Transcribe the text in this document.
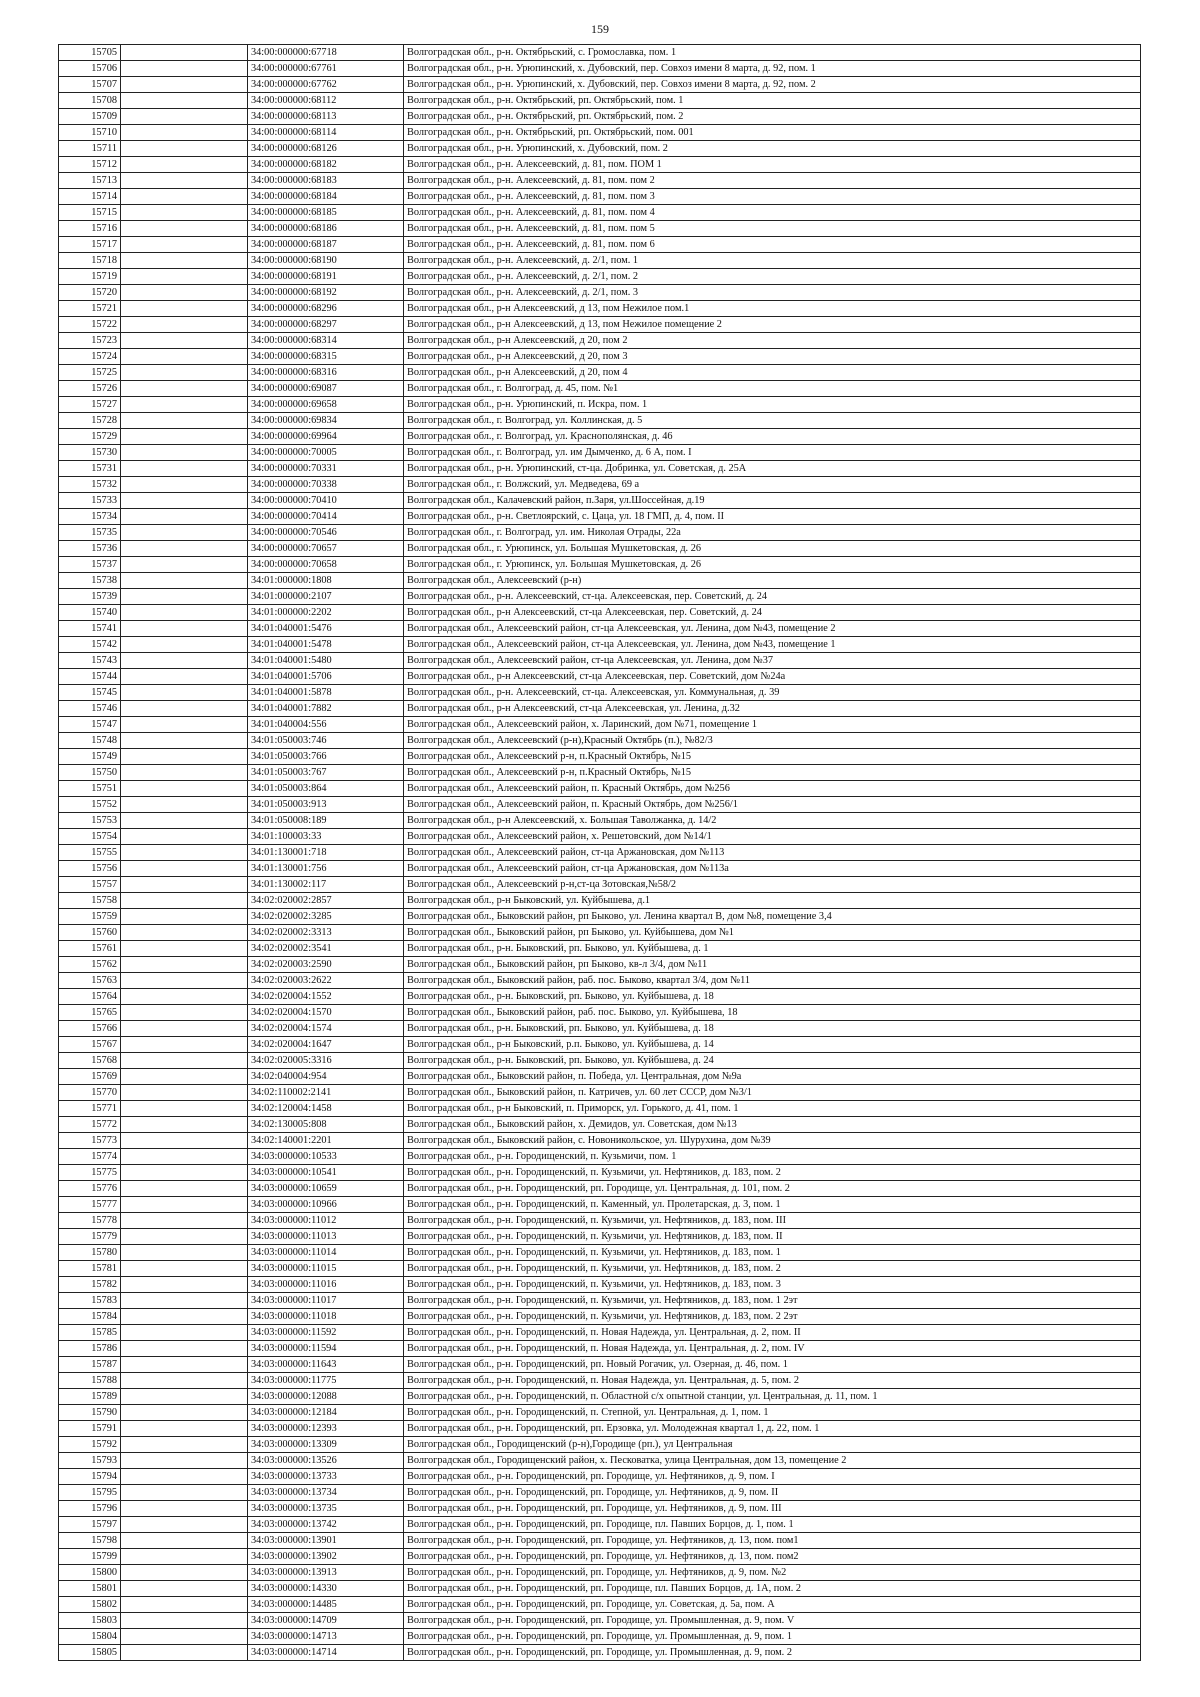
159
15705		34:00:000000:67718	Волгоградская обл., р-н. Октябрьский, с. Громославка, пом. 1
15706		34:00:000000:67761	Волгоградская обл., р-н. Урюпинский, х. Дубовский, пер. Совхоз имени 8 марта, д. 92, пом. 1
15707		34:00:000000:67762	Волгоградская обл., р-н. Урюпинский, х. Дубовский, пер. Совхоз имени 8 марта, д. 92, пом. 2
15708		34:00:000000:68112	Волгоградская обл., р-н. Октябрьский, рп. Октябрьский, пом. 1
15709		34:00:000000:68113	Волгоградская обл., р-н. Октябрьский, рп. Октябрьский, пом. 2
15710		34:00:000000:68114	Волгоградская обл., р-н. Октябрьский, рп. Октябрьский, пом. 001
15711		34:00:000000:68126	Волгоградская обл., р-н. Урюпинский, х. Дубовский, пом. 2
15712		34:00:000000:68182	Волгоградская обл., р-н. Алексеевский, д. 81, пом. ПОМ 1
15713		34:00:000000:68183	Волгоградская обл., р-н. Алексеевский, д. 81, пом. пом 2
15714		34:00:000000:68184	Волгоградская обл., р-н. Алексеевский, д. 81, пом. пом 3
15715		34:00:000000:68185	Волгоградская обл., р-н. Алексеевский, д. 81, пом. пом 4
15716		34:00:000000:68186	Волгоградская обл., р-н. Алексеевский, д. 81, пом. пом 5
15717		34:00:000000:68187	Волгоградская обл., р-н. Алексеевский, д. 81, пом. пом 6
15718		34:00:000000:68190	Волгоградская обл., р-н. Алексеевский, д. 2/1, пом. 1
15719		34:00:000000:68191	Волгоградская обл., р-н. Алексеевский, д. 2/1, пом. 2
15720		34:00:000000:68192	Волгоградская обл., р-н. Алексеевский, д. 2/1, пом. 3
15721		34:00:000000:68296	Волгоградская обл., р-н Алексеевский, д 13, пом Нежилое пом.1
15722		34:00:000000:68297	Волгоградская обл., р-н Алексеевский, д 13, пом Нежилое помещение 2
15723		34:00:000000:68314	Волгоградская обл., р-н Алексеевский, д 20, пом 2
15724		34:00:000000:68315	Волгоградская обл., р-н Алексеевский, д 20, пом 3
15725		34:00:000000:68316	Волгоградская обл., р-н Алексеевский, д 20, пом 4
15726		34:00:000000:69087	Волгоградская обл., г. Волгоград, д. 45, пом. №1
15727		34:00:000000:69658	Волгоградская обл., р-н. Урюпинский, п. Искра, пом. 1
15728		34:00:000000:69834	Волгоградская обл., г. Волгоград, ул. Коллинская, д. 5
15729		34:00:000000:69964	Волгоградская обл., г. Волгоград, ул. Краснополянская, д. 46
15730		34:00:000000:70005	Волгоградская обл., г. Волгоград, ул. им Дымченко, д. 6 А, пом. I
15731		34:00:000000:70331	Волгоградская обл., р-н. Урюпинский, ст-ца. Добринка, ул. Советская, д. 25А
15732		34:00:000000:70338	Волгоградская обл., г. Волжский, ул. Медведева, 69 а
15733		34:00:000000:70410	Волгоградская обл., Калачевский район, п.Заря, ул.Шоссейная, д.19
15734		34:00:000000:70414	Волгоградская обл., р-н. Светлоярский, с. Цаца, ул. 18 ГМП, д. 4, пом. II
15735		34:00:000000:70546	Волгоградская обл., г. Волгоград, ул. им. Николая Отрады, 22а
15736		34:00:000000:70657	Волгоградская обл., г. Урюпинск, ул. Большая Мушкетовская, д. 26
15737		34:00:000000:70658	Волгоградская обл., г. Урюпинск, ул. Большая Мушкетовская, д. 26
15738		34:01:000000:1808	Волгоградская обл., Алексеевский (р-н)
15739		34:01:000000:2107	Волгоградская обл., р-н. Алексеевский, ст-ца. Алексеевская, пер. Советский, д. 24
15740		34:01:000000:2202	Волгоградская обл., р-н Алексеевский, ст-ца Алексеевская, пер. Советский, д. 24
15741		34:01:040001:5476	Волгоградская обл., Алексеевский район, ст-ца Алексеевская, ул. Ленина, дом №43, помещение 2
15742		34:01:040001:5478	Волгоградская обл., Алексеевский район, ст-ца Алексеевская, ул. Ленина, дом №43, помещение 1
15743		34:01:040001:5480	Волгоградская обл., Алексеевский район, ст-ца Алексеевская, ул. Ленина, дом №37
15744		34:01:040001:5706	Волгоградская обл., р-н Алексеевский, ст-ца Алексеевская, пер. Советский, дом №24а
15745		34:01:040001:5878	Волгоградская обл., р-н. Алексеевский, ст-ца. Алексеевская, ул. Коммунальная, д. 39
15746		34:01:040001:7882	Волгоградская обл., р-н Алексеевский, ст-ца Алексеевская, ул. Ленина, д.32
15747		34:01:040004:556	Волгоградская обл., Алексеевский район, х. Ларинский, дом №71, помещение 1
15748		34:01:050003:746	Волгоградская обл., Алексеевский (р-н),Красный Октябрь (п.), №82/3
15749		34:01:050003:766	Волгоградская обл., Алексеевский р-н, п.Красный Октябрь, №15
15750		34:01:050003:767	Волгоградская обл., Алексеевский р-н, п.Красный Октябрь, №15
15751		34:01:050003:864	Волгоградская обл., Алексеевский район, п. Красный Октябрь, дом №256
15752		34:01:050003:913	Волгоградская обл., Алексеевский район, п. Красный Октябрь, дом №256/1
15753		34:01:050008:189	Волгоградская обл., р-н Алексеевский, х. Большая Таволжанка, д. 14/2
15754		34:01:100003:33	Волгоградская обл., Алексеевский район, х. Решетовский, дом №14/1
15755		34:01:130001:718	Волгоградская обл., Алексеевский район, ст-ца Аржановская, дом №113
15756		34:01:130001:756	Волгоградская обл., Алексеевский район, ст-ца Аржановская, дом №113а
15757		34:01:130002:117	Волгоградская обл., Алексеевский р-н,ст-ца Зотовская,№58/2
15758		34:02:020002:2857	Волгоградская обл., р-н Быковский, ул. Куйбышева, д.1
15759		34:02:020002:3285	Волгоградская обл., Быковский район, рп Быково, ул. Ленина квартал В, дом №8, помещение 3,4
15760		34:02:020002:3313	Волгоградская обл., Быковский район, рп Быково, ул. Куйбышева, дом №1
15761		34:02:020002:3541	Волгоградская обл., р-н. Быковский, рп. Быково, ул. Куйбышева, д. 1
15762		34:02:020003:2590	Волгоградская обл., Быковский район, рп Быково, кв-л 3/4, дом №11
15763		34:02:020003:2622	Волгоградская обл., Быковский район, раб. пос. Быково, квартал 3/4, дом №11
15764		34:02:020004:1552	Волгоградская обл., р-н. Быковский, рп. Быково, ул. Куйбышева, д. 18
15765		34:02:020004:1570	Волгоградская обл., Быковский район, раб. пос. Быково, ул. Куйбышева, 18
15766		34:02:020004:1574	Волгоградская обл., р-н. Быковский, рп. Быково, ул. Куйбышева, д. 18
15767		34:02:020004:1647	Волгоградская обл., р-н Быковский, р.п. Быково, ул. Куйбышева, д. 14
15768		34:02:020005:3316	Волгоградская обл., р-н. Быковский, рп. Быково, ул. Куйбышева, д. 24
15769		34:02:040004:954	Волгоградская обл., Быковский район, п. Победа, ул. Центральная, дом №9а
15770		34:02:110002:2141	Волгоградская обл., Быковский район, п. Катричев, ул. 60 лет СССР, дом №3/1
15771		34:02:120004:1458	Волгоградская обл., р-н Быковский, п. Приморск, ул. Горького, д. 41, пом. 1
15772		34:02:130005:808	Волгоградская обл., Быковский район, х. Демидов, ул. Советская, дом №13
15773		34:02:140001:2201	Волгоградская обл., Быковский район, с. Новоникольское, ул. Шурухина, дом №39
15774		34:03:000000:10533	Волгоградская обл., р-н. Городищенский, п. Кузьмичи, пом. 1
15775		34:03:000000:10541	Волгоградская обл., р-н. Городищенский, п. Кузьмичи, ул. Нефтяников, д. 183, пом. 2
15776		34:03:000000:10659	Волгоградская обл., р-н. Городищенский, рп. Городище, ул. Центральная, д. 101, пом. 2
15777		34:03:000000:10966	Волгоградская обл., р-н. Городищенский, п. Каменный, ул. Пролетарская, д. 3, пом. 1
15778		34:03:000000:11012	Волгоградская обл., р-н. Городищенский, п. Кузьмичи, ул. Нефтяников, д. 183, пом. III
15779		34:03:000000:11013	Волгоградская обл., р-н. Городищенский, п. Кузьмичи, ул. Нефтяников, д. 183, пом. II
15780		34:03:000000:11014	Волгоградская обл., р-н. Городищенский, п. Кузьмичи, ул. Нефтяников, д. 183, пом. 1
15781		34:03:000000:11015	Волгоградская обл., р-н. Городищенский, п. Кузьмичи, ул. Нефтяников, д. 183, пом. 2
15782		34:03:000000:11016	Волгоградская обл., р-н. Городищенский, п. Кузьмичи, ул. Нефтяников, д. 183, пом. 3
15783		34:03:000000:11017	Волгоградская обл., р-н. Городищенский, п. Кузьмичи, ул. Нефтяников, д. 183, пом. 1 2эт
15784		34:03:000000:11018	Волгоградская обл., р-н. Городищенский, п. Кузьмичи, ул. Нефтяников, д. 183, пом. 2 2эт
15785		34:03:000000:11592	Волгоградская обл., р-н. Городищенский, п. Новая Надежда, ул. Центральная, д. 2, пом. II
15786		34:03:000000:11594	Волгоградская обл., р-н. Городищенский, п. Новая Надежда, ул. Центральная, д. 2, пом. IV
15787		34:03:000000:11643	Волгоградская обл., р-н. Городищенский, рп. Новый Рогачик, ул. Озерная, д. 46, пом. 1
15788		34:03:000000:11775	Волгоградская обл., р-н. Городищенский, п. Новая Надежда, ул. Центральная, д. 5, пом. 2
15789		34:03:000000:12088	Волгоградская обл., р-н. Городищенский, п. Областной с/х опытной станции, ул. Центральная, д. 11, пом. 1
15790		34:03:000000:12184	Волгоградская обл., р-н. Городищенский, п. Степной, ул. Центральная, д. 1, пом. 1
15791		34:03:000000:12393	Волгоградская обл., р-н. Городищенский, рп. Ерзовка, ул. Молодежная квартал 1, д. 22, пом. 1
15792		34:03:000000:13309	Волгоградская обл., Городищенский (р-н),Городище (рп.), ул Центральная
15793		34:03:000000:13526	Волгоградская обл., Городищенский район, х. Песковатка, улица Центральная, дом 13, помещение 2
15794		34:03:000000:13733	Волгоградская обл., р-н. Городищенский, рп. Городище, ул. Нефтяников, д. 9, пом. I
15795		34:03:000000:13734	Волгоградская обл., р-н. Городищенский, рп. Городище, ул. Нефтяников, д. 9, пом. II
15796		34:03:000000:13735	Волгоградская обл., р-н. Городищенский, рп. Городище, ул. Нефтяников, д. 9, пом. III
15797		34:03:000000:13742	Волгоградская обл., р-н. Городищенский, рп. Городище, пл. Павших Борцов, д. 1, пом. 1
15798		34:03:000000:13901	Волгоградская обл., р-н. Городищенский, рп. Городище, ул. Нефтяников, д. 13, пом. пом1
15799		34:03:000000:13902	Волгоградская обл., р-н. Городищенский, рп. Городище, ул. Нефтяников, д. 13, пом. пом2
15800		34:03:000000:13913	Волгоградская обл., р-н. Городищенский, рп. Городище, ул. Нефтяников, д. 9, пом. №2
15801		34:03:000000:14330	Волгоградская обл., р-н. Городищенский, рп. Городище, пл. Павших Борцов, д. 1А, пом. 2
15802		34:03:000000:14485	Волгоградская обл., р-н. Городищенский, рп. Городище, ул. Советская, д. 5а, пом. А
15803		34:03:000000:14709	Волгоградская обл., р-н. Городищенский, рп. Городище, ул. Промышленная, д. 9, пом. V
15804		34:03:000000:14713	Волгоградская обл., р-н. Городищенский, рп. Городище, ул. Промышленная, д. 9, пом. 1
15805		34:03:000000:14714	Волгоградская обл., р-н. Городищенский, рп. Городище, ул. Промышленная, д. 9, пом. 2
